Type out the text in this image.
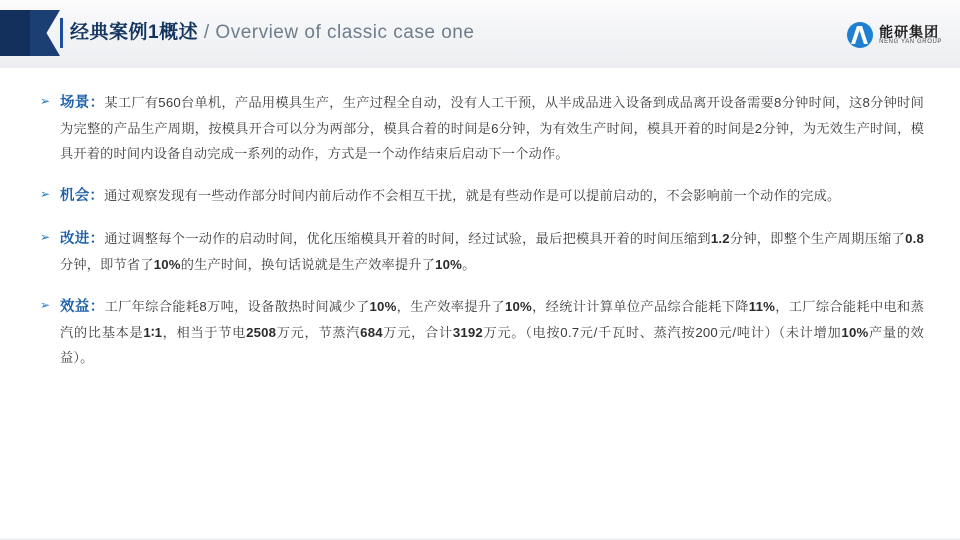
经典案例1概述 / Overview of classic case one	能研集团
NENG YAN GROUP
➢ 场景：某工厂有560台单机，产品用模具生产，生产过程全自动，没有人工干预，从半成品进入设备到成品离开设备需要8分钟时间，这8分钟时间为完整的产品生产周期，按模具开合可以分为两部分，模具合着的时间是6分钟，为有效生产时间，模具开着的时间是2分钟，为无效生产时间，模具开着的时间内设备自动完成一系列的动作，方式是一个动作结束后启动下一个动作。
➢ 机会：通过观察发现有一些动作部分时间内前后动作不会相互干扰，就是有些动作是可以提前启动的，不会影响前一个动作的完成。
➢ 改进：通过调整每个一动作的启动时间，优化压缩模具开着的时间，经过试验，最后把模具开着的时间压缩到1.2分钟，即整个生产周期压缩了0.8分钟，即节省了10%的生产时间，换句话说就是生产效率提升了10%。
➢ 效益：工厂年综合能耗8万吨，设备散热时间减少了10%，生产效率提升了10%，经统计计算单位产品综合能耗下降11%，工厂综合能耗中电和蒸汽的比基本是1∶1，相当于节电2508万元，节蒸汽684万元，合计3192万元。（电按0.7元/千瓦时、蒸汽按200元/吨计）（未计增加10%产量的效益）。
